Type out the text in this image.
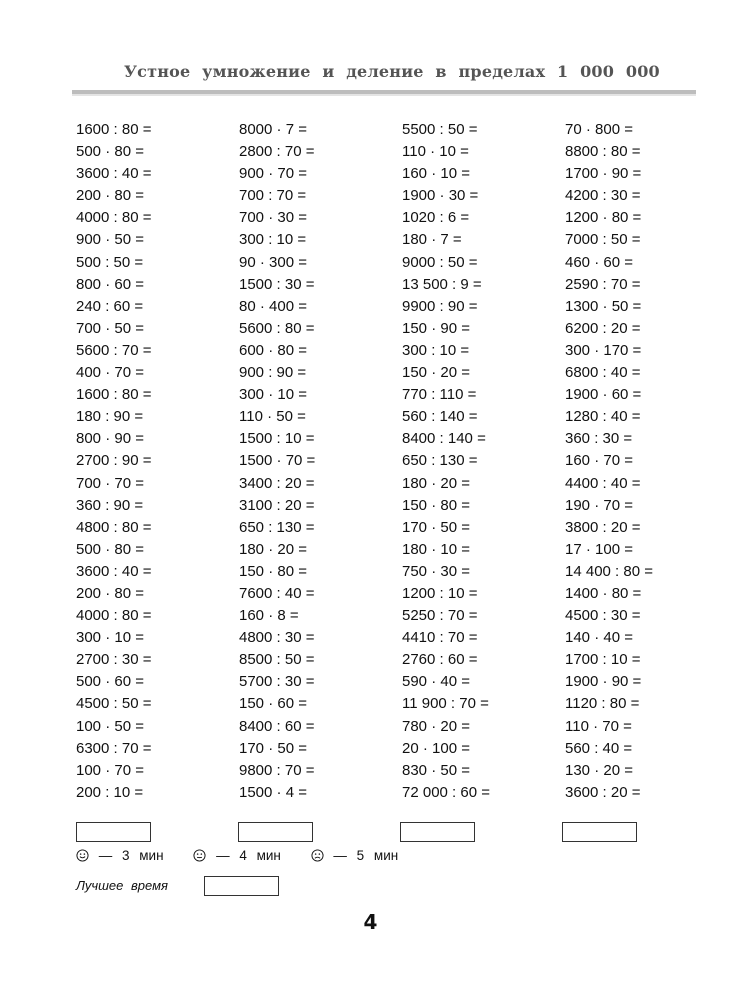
Устное умножение и деление в пределах 1 000 000
1600 : 80 =
500 · 80 =
3600 : 40 =
200 · 80 =
4000 : 80 =
900 · 50 =
500 : 50 =
800 · 60 =
240 : 60 =
700 · 50 =
5600 : 70 =
400 · 70 =
1600 : 80 =
180 : 90 =
800 · 90 =
2700 : 90 =
700 · 70 =
360 : 90 =
4800 : 80 =
500 · 80 =
3600 : 40 =
200 · 80 =
4000 : 80 =
300 · 10 =
2700 : 30 =
500 · 60 =
4500 : 50 =
100 · 50 =
6300 : 70 =
100 · 70 =
200 : 10 =
8000 · 7 =
2800 : 70 =
900 · 70 =
700 : 70 =
700 · 30 =
300 : 10 =
90 · 300 =
1500 : 30 =
80 · 400 =
5600 : 80 =
600 · 80 =
900 : 90 =
300 · 10 =
110 · 50 =
1500 : 10 =
1500 · 70 =
3400 : 20 =
3100 : 20 =
650 : 130 =
180 · 20 =
150 · 80 =
7600 : 40 =
160 · 8 =
4800 : 30 =
8500 : 50 =
5700 : 30 =
150 · 60 =
8400 : 60 =
170 · 50 =
9800 : 70 =
1500 · 4 =
5500 : 50 =
110 · 10 =
160 · 10 =
1900 · 30 =
1020 : 6 =
180 · 7 =
9000 : 50 =
13 500 : 9 =
9900 : 90 =
150 · 90 =
300 : 10 =
150 · 20 =
770 : 110 =
560 : 140 =
8400 : 140 =
650 : 130 =
180 · 20 =
150 · 80 =
170 · 50 =
180 · 10 =
750 · 30 =
1200 : 10 =
5250 : 70 =
4410 : 70 =
2760 : 60 =
590 · 40 =
11 900 : 70 =
780 · 20 =
20 · 100 =
830 · 50 =
72 000 : 60 =
70 · 800 =
8800 : 80 =
1700 · 90 =
4200 : 30 =
1200 · 80 =
7000 : 50 =
460 · 60 =
2590 : 70 =
1300 · 50 =
6200 : 20 =
300 · 170 =
6800 : 40 =
1900 · 60 =
1280 : 40 =
360 : 30 =
160 · 70 =
4400 : 40 =
190 · 70 =
3800 : 20 =
17 · 100 =
14 400 : 80 =
1400 · 80 =
4500 : 30 =
140 · 40 =
1700 : 10 =
1900 · 90 =
1120 : 80 =
110 · 70 =
560 : 40 =
130 · 20 =
3600 : 20 =
— 3 мин	— 4 мин	— 5 мин
Лучшее время
4
